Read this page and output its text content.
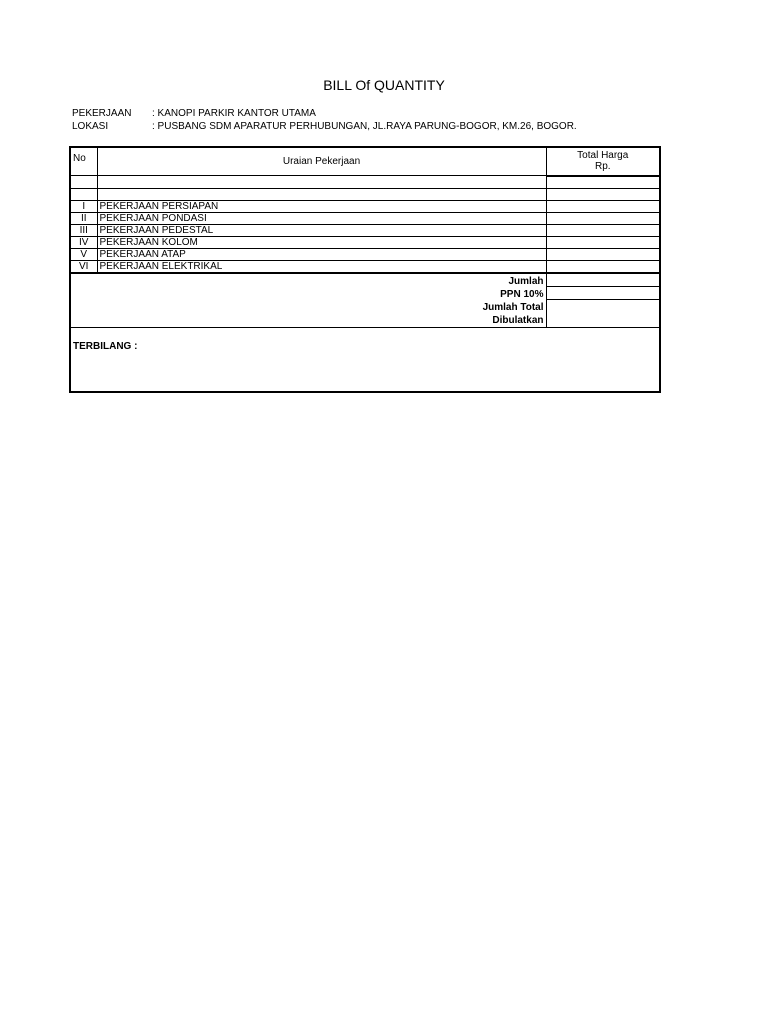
BILL Of QUANTITY
PEKERJAAN : KANOPI PARKIR KANTOR UTAMA
LOKASI	: PUSBANG SDM APARATUR PERHUBUNGAN, JL.RAYA PARUNG-BOGOR, KM.26, BOGOR.
No	Uraian Pekerjaan	Total Harga
Rp.

I	PEKERJAAN PERSIAPAN	
II	PEKERJAAN PONDASI	
III	PEKERJAAN PEDESTAL	
IV	PEKERJAAN KOLOM	
V	PEKERJAAN ATAP	
VI	PEKERJAAN ELEKTRIKAL	

Jumlah
PPN 10%
Jumlah Total
Dibulatkan		

TERBILANG :		
